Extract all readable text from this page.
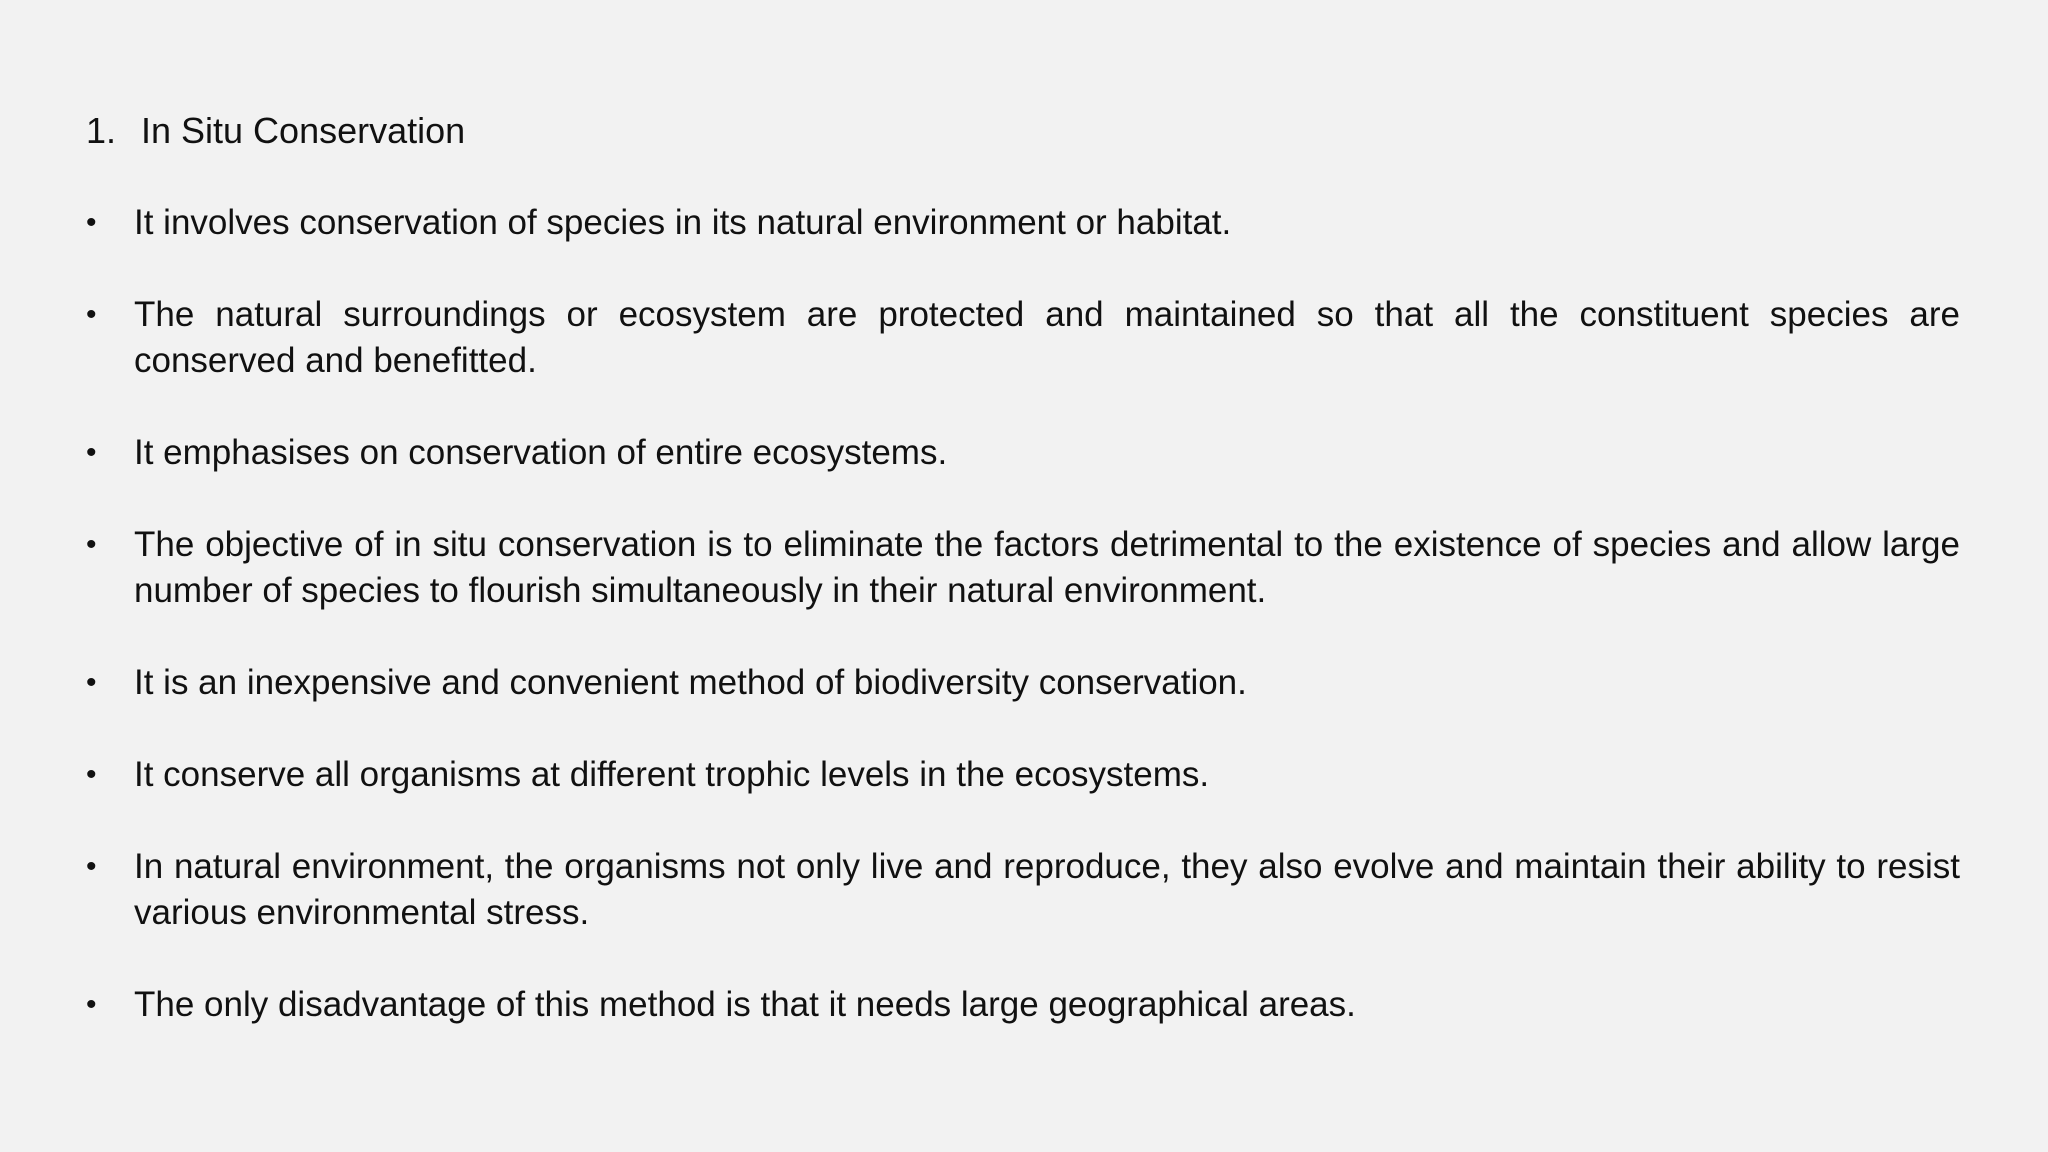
1. In Situ Conservation
• It involves conservation of species in its natural environment or habitat.
• The natural surroundings or ecosystem are protected and maintained so that all the constituent species are conserved and benefitted.
• It emphasises on conservation of entire ecosystems.
• The objective of in situ conservation is to eliminate the factors detrimental to the existence of species and allow large number of species to flourish simultaneously in their natural environment.
• It is an inexpensive and convenient method of biodiversity conservation.
• It conserve all organisms at different trophic levels in the ecosystems.
• In natural environment, the organisms not only live and reproduce, they also evolve and maintain their ability to resist various environmental stress.
• The only disadvantage of this method is that it needs large geographical areas.
